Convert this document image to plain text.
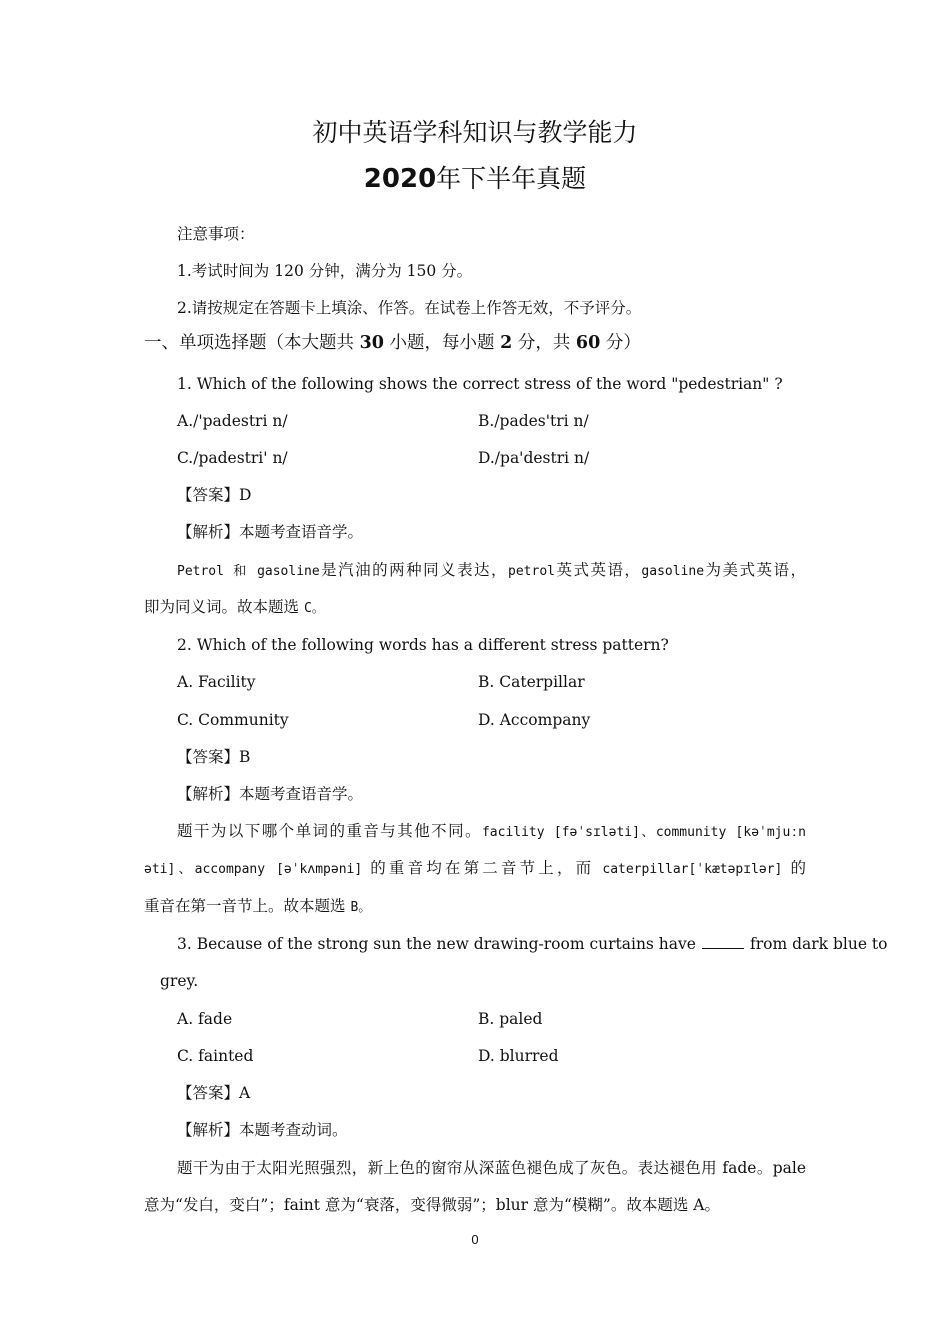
初中英语学科知识与教学能力
2020年下半年真题
注意事项：
1.考试时间为 120 分钟，满分为 150 分。
2.请按规定在答题卡上填涂、作答。在试卷上作答无效，不予评分。
一、单项选择题（本大题共 30 小题，每小题 2 分，共 60 分）
1. Which of the following shows the correct stress of the word "pedestrian" ?
A./'padestri n/	B./pades'tri n/
C./padestri' n/	D./pa'destri n/
【答案】D
【解析】本题考查语音学。
Petrol 和 gasoline是汽油的两种同义表达，petrol英式英语，gasoline为美式英语，
即为同义词。故本题选 C。
2. Which of the following words has a different stress pattern?
A. Facility	B. Caterpillar
C. Community	D. Accompany
【答案】B
【解析】本题考查语音学。
题干为以下哪个单词的重音与其他不同。facility [fəˈsɪləti]、community [kəˈmjuːn
əti]、accompany [əˈkʌmpəni] 的重音均在第二音节上，而 caterpillar[ˈkætəpɪlər] 的
重音在第一音节上。故本题选 B。
3. Because of the strong sun the new drawing-room curtains have	from dark blue to
grey.
A. fade	B. paled
C. fainted	D. blurred
【答案】A
【解析】本题考查动词。
题干为由于太阳光照强烈，新上色的窗帘从深蓝色褪色成了灰色。表达褪色用 fade。pale
意为“发白，变白”；faint 意为“衰落，变得微弱”；blur 意为“模糊”。故本题选 A。
0
